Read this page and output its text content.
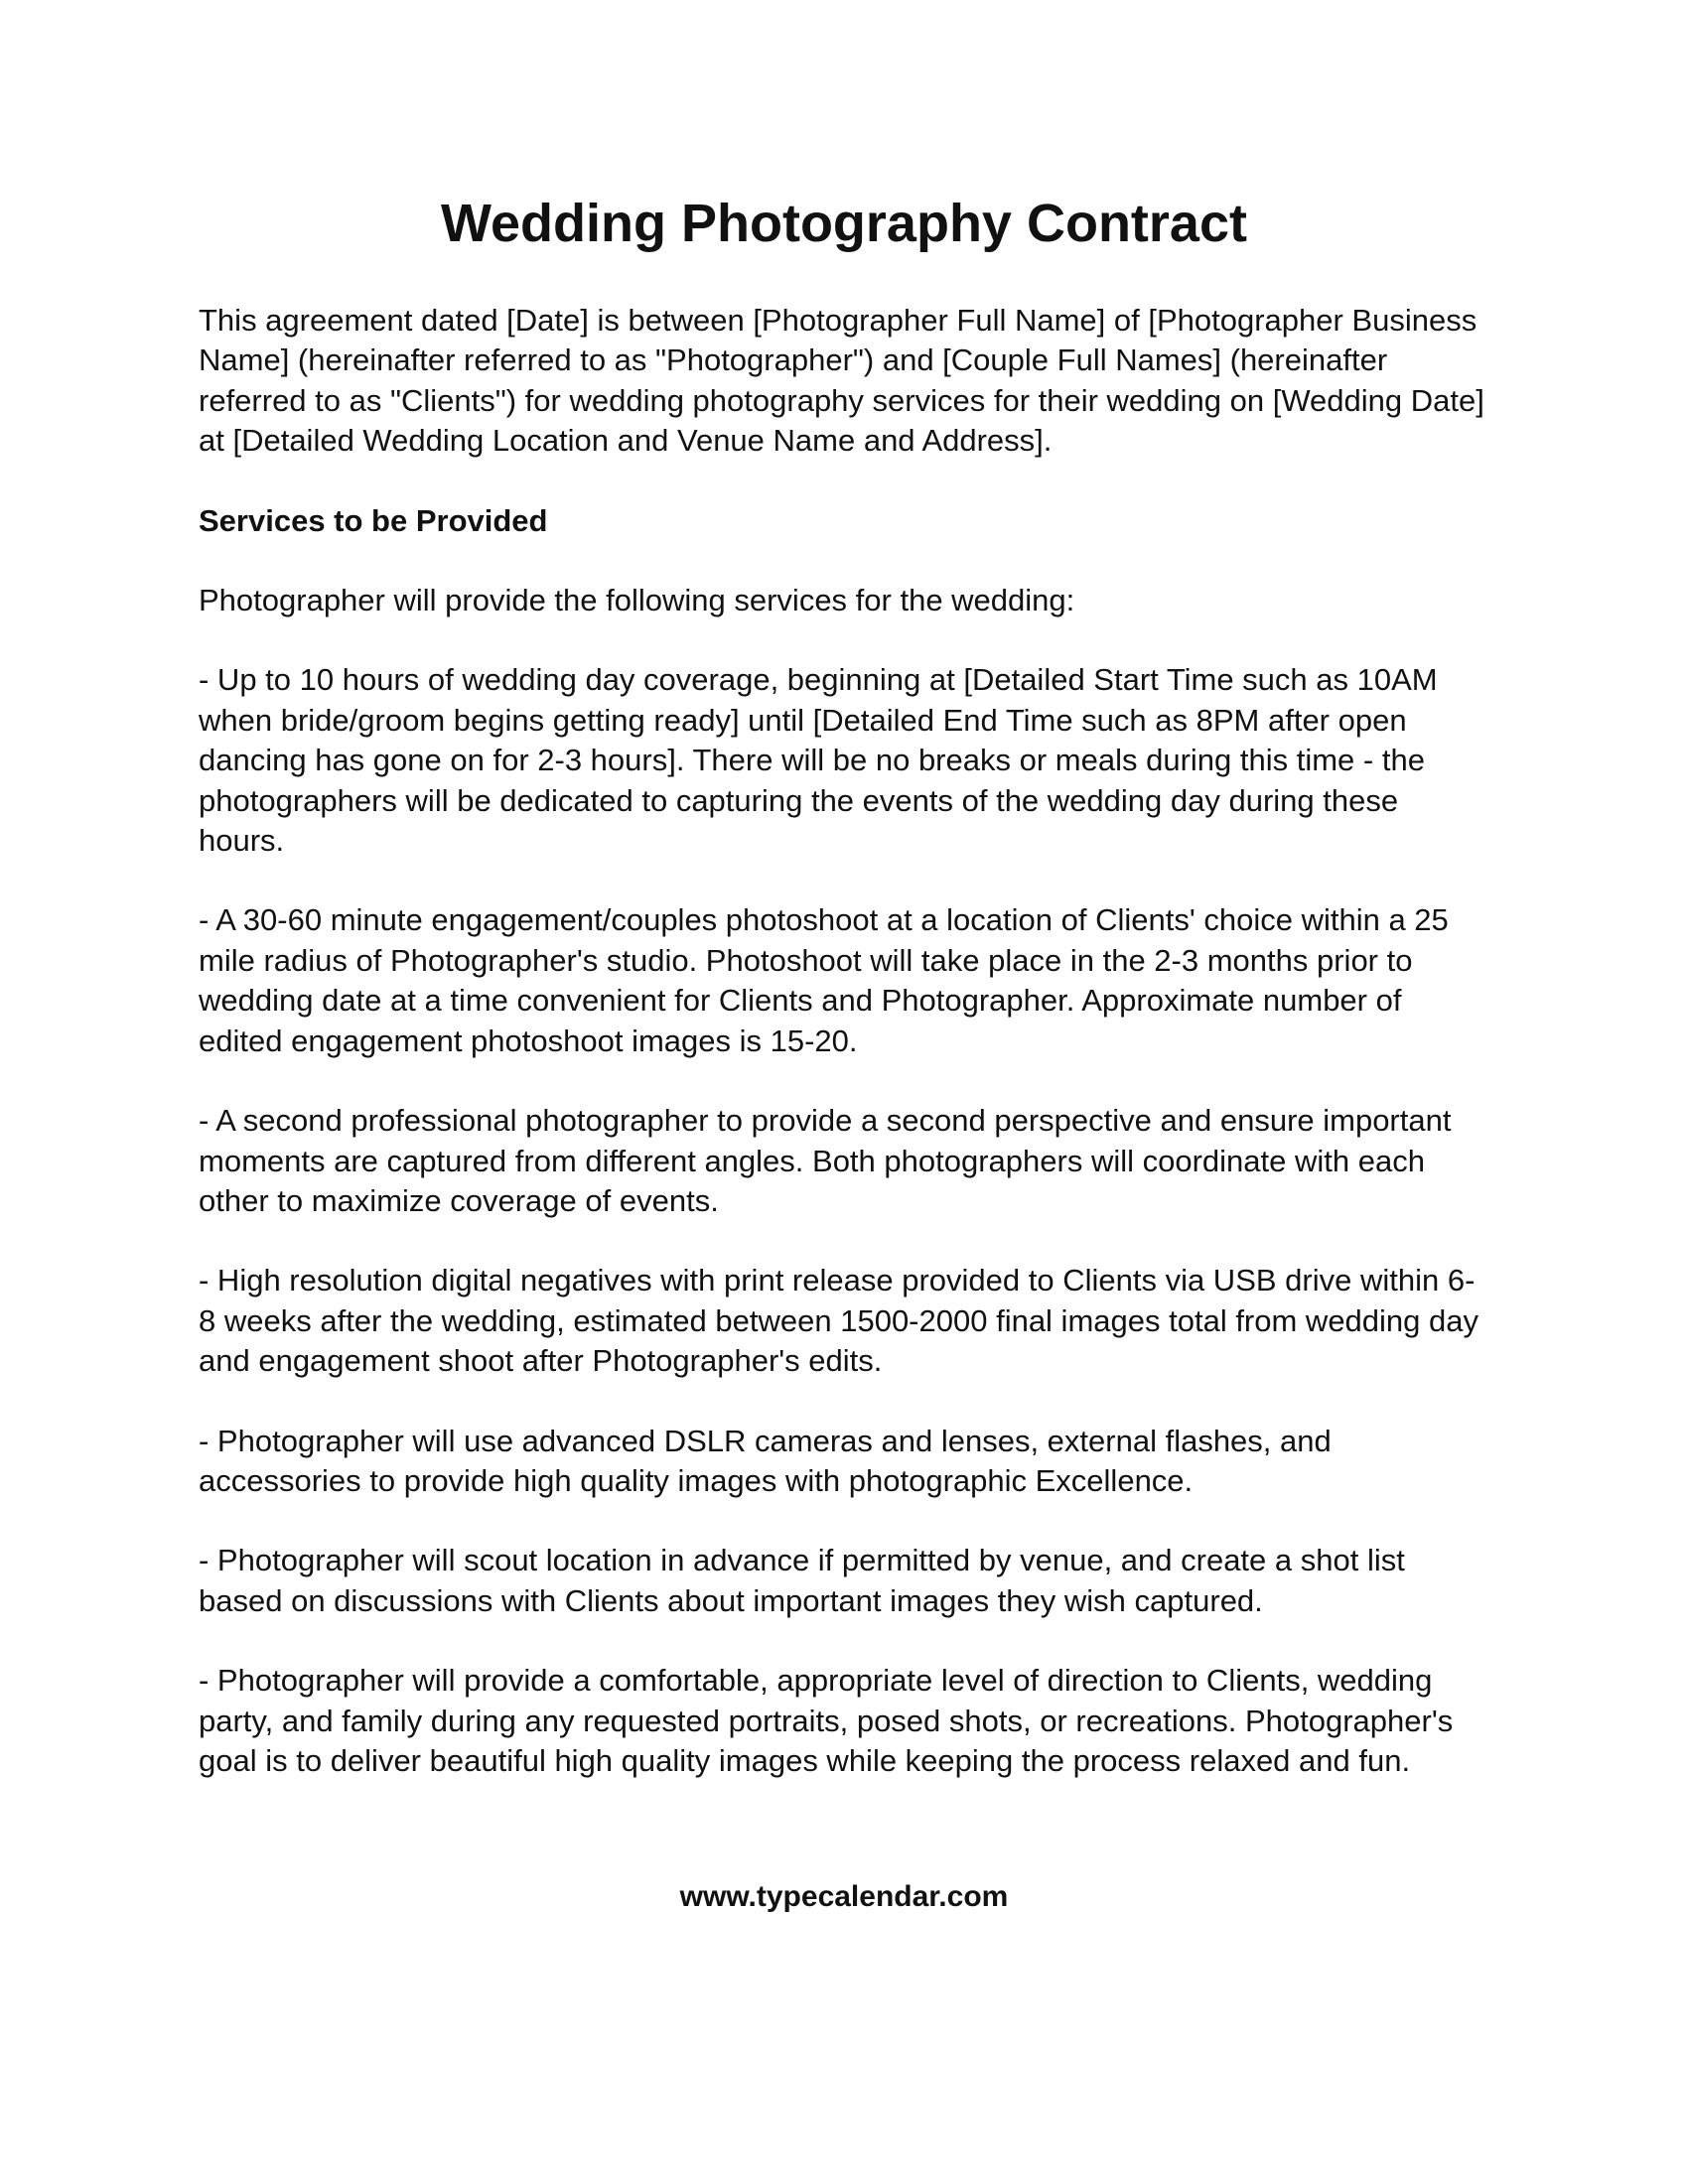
Wedding Photography Contract

This agreement dated [Date] is between [Photographer Full Name] of [Photographer Business Name] (hereinafter referred to as "Photographer") and [Couple Full Names] (hereinafter referred to as "Clients") for wedding photography services for their wedding on [Wedding Date] at [Detailed Wedding Location and Venue Name and Address].

Services to be Provided

Photographer will provide the following services for the wedding:

- Up to 10 hours of wedding day coverage, beginning at [Detailed Start Time such as 10AM when bride/groom begins getting ready] until [Detailed End Time such as 8PM after open dancing has gone on for 2-3 hours]. There will be no breaks or meals during this time - the photographers will be dedicated to capturing the events of the wedding day during these hours.

- A 30-60 minute engagement/couples photoshoot at a location of Clients' choice within a 25 mile radius of Photographer's studio. Photoshoot will take place in the 2-3 months prior to wedding date at a time convenient for Clients and Photographer. Approximate number of edited engagement photoshoot images is 15-20.

- A second professional photographer to provide a second perspective and ensure important moments are captured from different angles. Both photographers will coordinate with each other to maximize coverage of events.

- High resolution digital negatives with print release provided to Clients via USB drive within 6-8 weeks after the wedding, estimated between 1500-2000 final images total from wedding day and engagement shoot after Photographer's edits.

- Photographer will use advanced DSLR cameras and lenses, external flashes, and accessories to provide high quality images with photographic Excellence.

- Photographer will scout location in advance if permitted by venue, and create a shot list based on discussions with Clients about important images they wish captured.

- Photographer will provide a comfortable, appropriate level of direction to Clients, wedding party, and family during any requested portraits, posed shots, or recreations. Photographer's goal is to deliver beautiful high quality images while keeping the process relaxed and fun.

www.typecalendar.com
